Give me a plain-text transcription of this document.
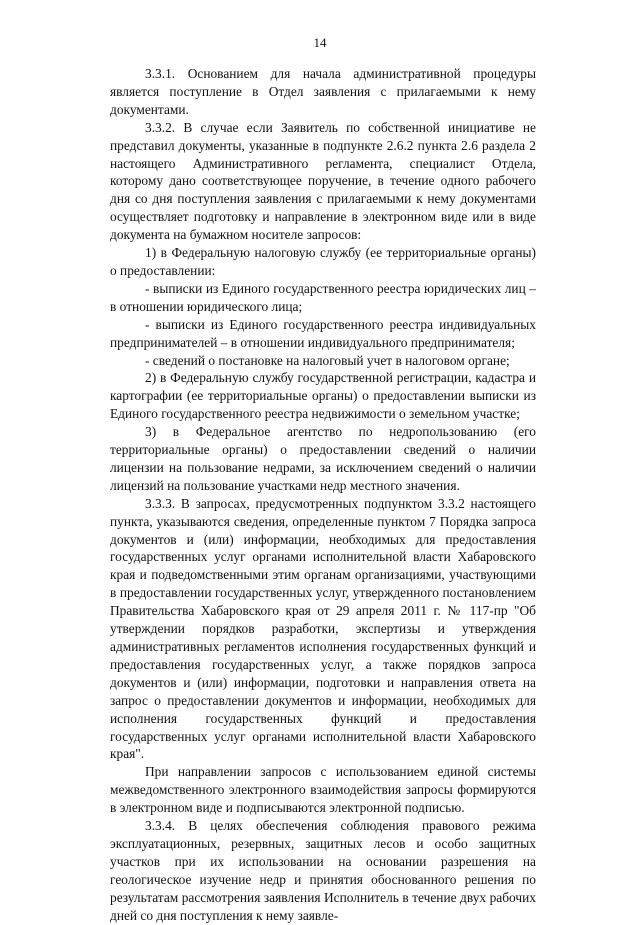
14

3.3.1. Основанием для начала административной процедуры является поступление в Отдел заявления с прилагаемыми к нему документами.

3.3.2. В случае если Заявитель по собственной инициативе не представил документы, указанные в подпункте 2.6.2 пункта 2.6 раздела 2 настоящего Административного регламента, специалист Отдела, которому дано соответствующее поручение, в течение одного рабочего дня со дня поступления заявления с прилагаемыми к нему документами осуществляет подготовку и направление в электронном виде или в виде документа на бумажном носителе запросов:

1) в Федеральную налоговую службу (ее территориальные органы) о предоставлении:

- выписки из Единого государственного реестра юридических лиц – в отношении юридического лица;

- выписки из Единого государственного реестра индивидуальных предпринимателей – в отношении индивидуального предпринимателя;

- сведений о постановке на налоговый учет в налоговом органе;

2) в Федеральную службу государственной регистрации, кадастра и картографии (ее территориальные органы) о предоставлении выписки из Единого государственного реестра недвижимости о земельном участке;

3) в Федеральное агентство по недропользованию (его территориальные органы) о предоставлении сведений о наличии лицензии на пользование недрами, за исключением сведений о наличии лицензий на пользование участками недр местного значения.

3.3.3. В запросах, предусмотренных подпунктом 3.3.2 настоящего пункта, указываются сведения, определенные пунктом 7 Порядка запроса документов и (или) информации, необходимых для предоставления государственных услуг органами исполнительной власти Хабаровского края и подведомственными этим органам организациями, участвующими в предоставлении государственных услуг, утвержденного постановлением Правительства Хабаровского края от 29 апреля 2011 г. № 117-пр "Об утверждении порядков разработки, экспертизы и утверждения административных регламентов исполнения государственных функций и предоставления государственных услуг, а также порядков запроса документов и (или) информации, подготовки и направления ответа на запрос о предоставлении документов и информации, необходимых для исполнения государственных функций и предоставления государственных услуг органами исполнительной власти Хабаровского края".

При направлении запросов с использованием единой системы межведомственного электронного взаимодействия запросы формируются в электронном виде и подписываются электронной подписью.

3.3.4. В целях обеспечения соблюдения правового режима эксплуатационных, резервных, защитных лесов и особо защитных участков при их использовании на основании разрешения на геологическое изучение недр и принятия обоснованного решения по результатам рассмотрения заявления Исполнитель в течение двух рабочих дней со дня поступления к нему заявле-
